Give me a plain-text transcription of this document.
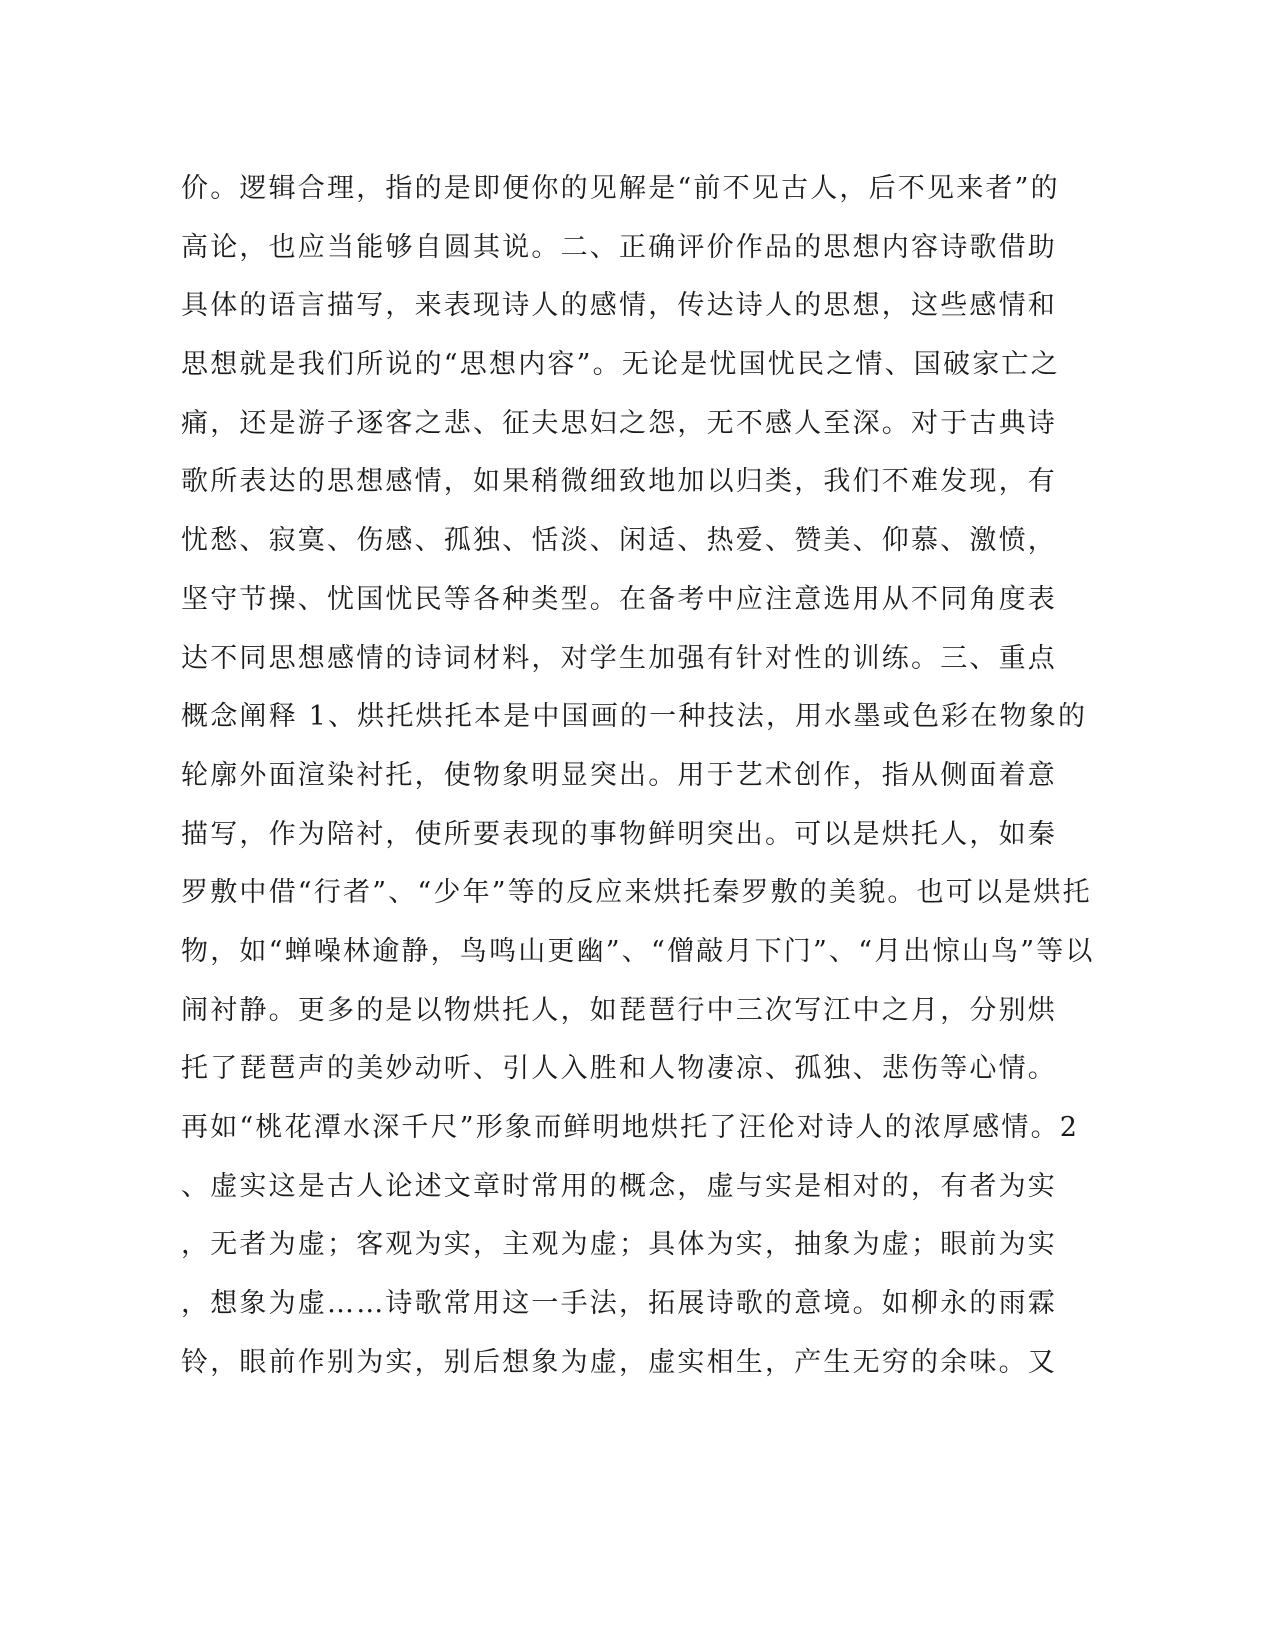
价。逻辑合理，指的是即便你的见解是“前不见古人，后不见来者”的
高论，也应当能够自圆其说。二、正确评价作品的思想内容诗歌借助
具体的语言描写，来表现诗人的感情，传达诗人的思想，这些感情和
思想就是我们所说的“思想内容”。无论是忧国忧民之情、国破家亡之
痛，还是游子逐客之悲、征夫思妇之怨，无不感人至深。对于古典诗
歌所表达的思想感情，如果稍微细致地加以归类，我们不难发现，有
忧愁、寂寞、伤感、孤独、恬淡、闲适、热爱、赞美、仰慕、激愤，
坚守节操、忧国忧民等各种类型。在备考中应注意选用从不同角度表
达不同思想感情的诗词材料，对学生加强有针对性的训练。三、重点
概念阐释 1、烘托烘托本是中国画的一种技法，用水墨或色彩在物象的
轮廓外面渲染衬托，使物象明显突出。用于艺术创作，指从侧面着意
描写，作为陪衬，使所要表现的事物鲜明突出。可以是烘托人，如秦
罗敷中借“行者”、“少年”等的反应来烘托秦罗敷的美貌。也可以是烘托
物，如“蝉噪林逾静，鸟鸣山更幽”、“僧敲月下门”、“月出惊山鸟”等以
闹衬静。更多的是以物烘托人，如琵琶行中三次写江中之月，分别烘
托了琵琶声的美妙动听、引人入胜和人物凄凉、孤独、悲伤等心情。
再如“桃花潭水深千尺”形象而鲜明地烘托了汪伦对诗人的浓厚感情。2
、虚实这是古人论述文章时常用的概念，虚与实是相对的，有者为实
，无者为虚；客观为实，主观为虚；具体为实，抽象为虚；眼前为实
，想象为虚……诗歌常用这一手法，拓展诗歌的意境。如柳永的雨霖
铃，眼前作别为实，别后想象为虚，虚实相生，产生无穷的余味。又
